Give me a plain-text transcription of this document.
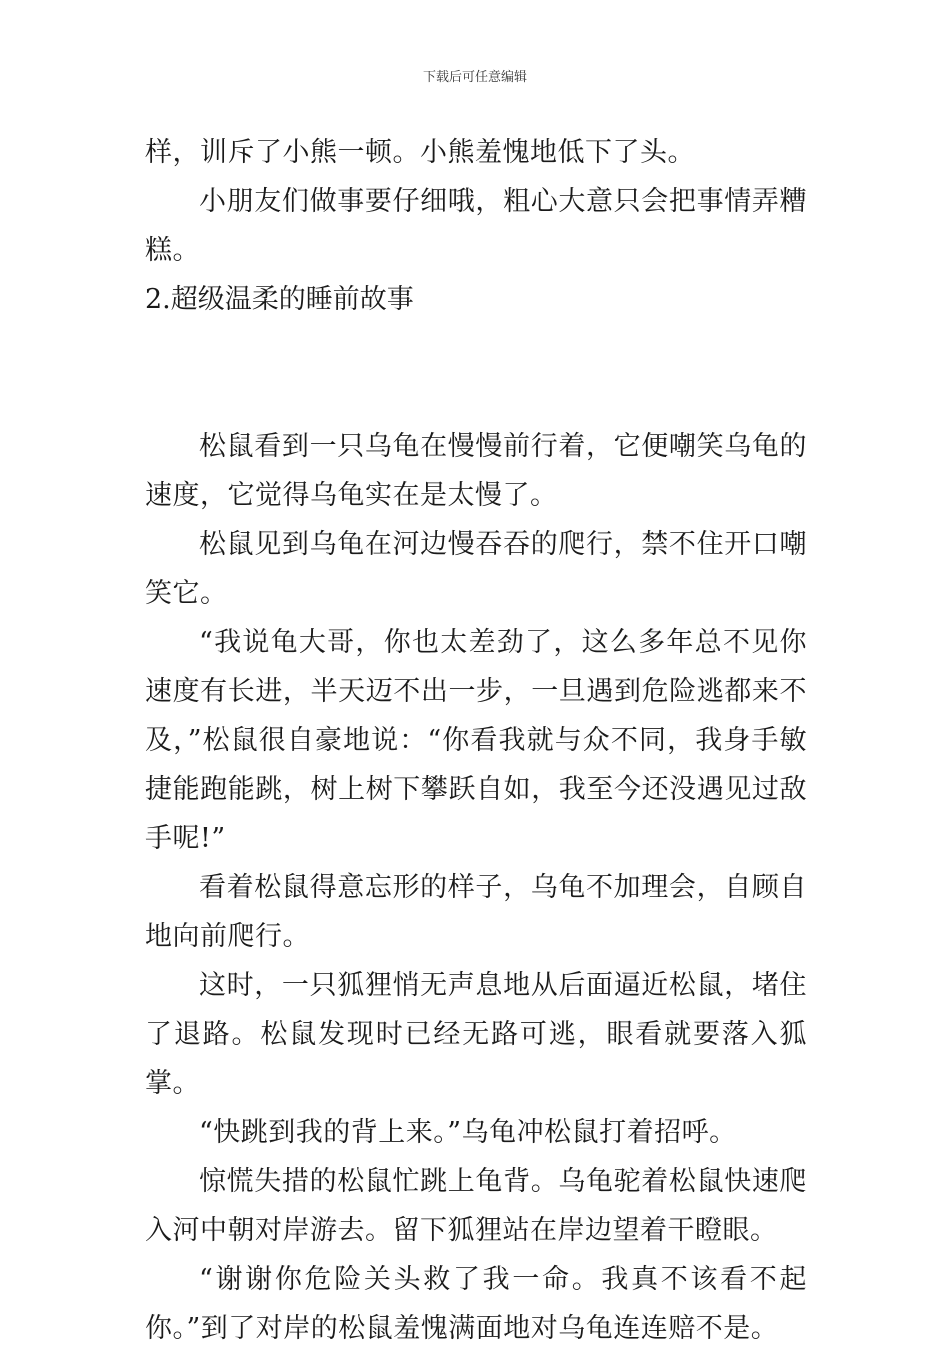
下载后可任意编辑

样，训斥了小熊一顿。小熊羞愧地低下了头。

小朋友们做事要仔细哦，粗心大意只会把事情弄糟糕。

2.超级温柔的睡前故事

松鼠看到一只乌龟在慢慢前行着，它便嘲笑乌龟的速度，它觉得乌龟实在是太慢了。

松鼠见到乌龟在河边慢吞吞的爬行，禁不住开口嘲笑它。

“我说龟大哥，你也太差劲了，这么多年总不见你速度有长进，半天迈不出一步，一旦遇到危险逃都来不及，”松鼠很自豪地说：“你看我就与众不同，我身手敏捷能跑能跳，树上树下攀跃自如，我至今还没遇见过敌手呢!”

看着松鼠得意忘形的样子，乌龟不加理会，自顾自地向前爬行。

这时，一只狐狸悄无声息地从后面逼近松鼠，堵住了退路。松鼠发现时已经无路可逃，眼看就要落入狐掌。

“快跳到我的背上来。”乌龟冲松鼠打着招呼。

惊慌失措的松鼠忙跳上龟背。乌龟驼着松鼠快速爬入河中朝对岸游去。留下狐狸站在岸边望着干瞪眼。

“谢谢你危险关头救了我一命。我真不该看不起你。”到了对岸的松鼠羞愧满面地对乌龟连连赔不是。
